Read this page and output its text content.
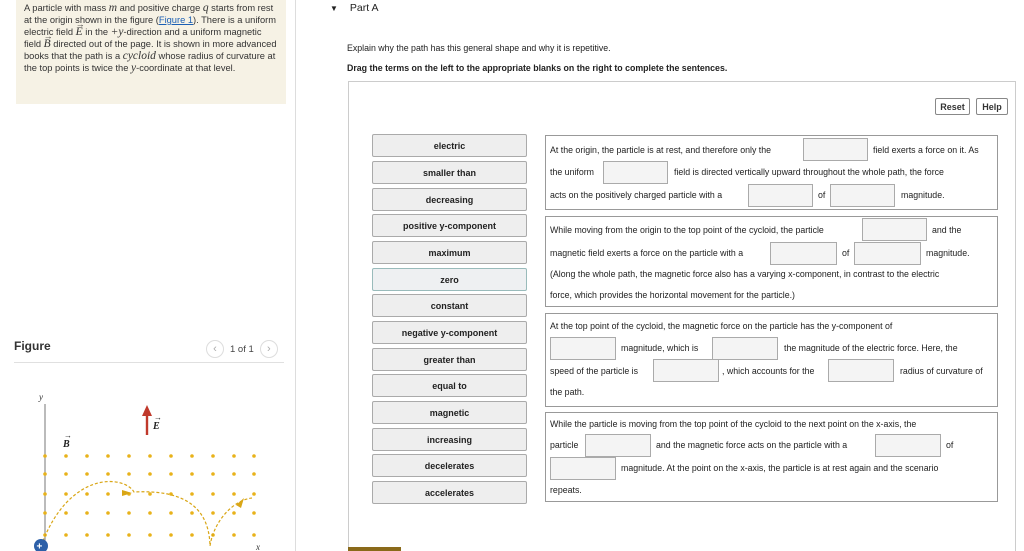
A particle with mass m and positive charge q starts from rest at the origin shown in the figure (Figure 1). There is a uniform electric field → E in the +y-direction and a uniform magnetic field → B directed out of the page. It is shown in more advanced books that the path is a cycloid whose radius of curvature at the top points is twice the y-coordinate at that level.
Figure	‹	1 of 1	›
y
x
B
→
E
→
+
▼ Part A
Explain why the path has this general shape and why it is repetitive.
Drag the terms on the left to the appropriate blanks on the right to complete the sentences.
Reset	Help
electric
smaller than
decreasing
positive y-component
maximum
zero
constant
negative y-component
greater than
equal to
magnetic
increasing
decelerates
accelerates
At the origin, the particle is at rest, and therefore only the	field exerts a force on it. As
the uniform	field is directed vertically upward throughout the whole path, the force
acts on the positively charged particle with a	of	magnitude.
While moving from the origin to the top point of the cycloid, the particle	and the
magnetic field exerts a force on the particle with a	of	magnitude.
(Along the whole path, the magnetic force also has a varying x-component, in contrast to the electric
force, which provides the horizontal movement for the particle.)
At the top point of the cycloid, the magnetic force on the particle has the y-component of
magnitude, which is	the magnitude of the electric force. Here, the
speed of the particle is	, which accounts for the	radius of curvature of
the path.
While the particle is moving from the top point of the cycloid to the next point on the x-axis, the
particle	and the magnetic force acts on the particle with a	of
magnitude. At the point on the x-axis, the particle is at rest again and the scenario
repeats.
